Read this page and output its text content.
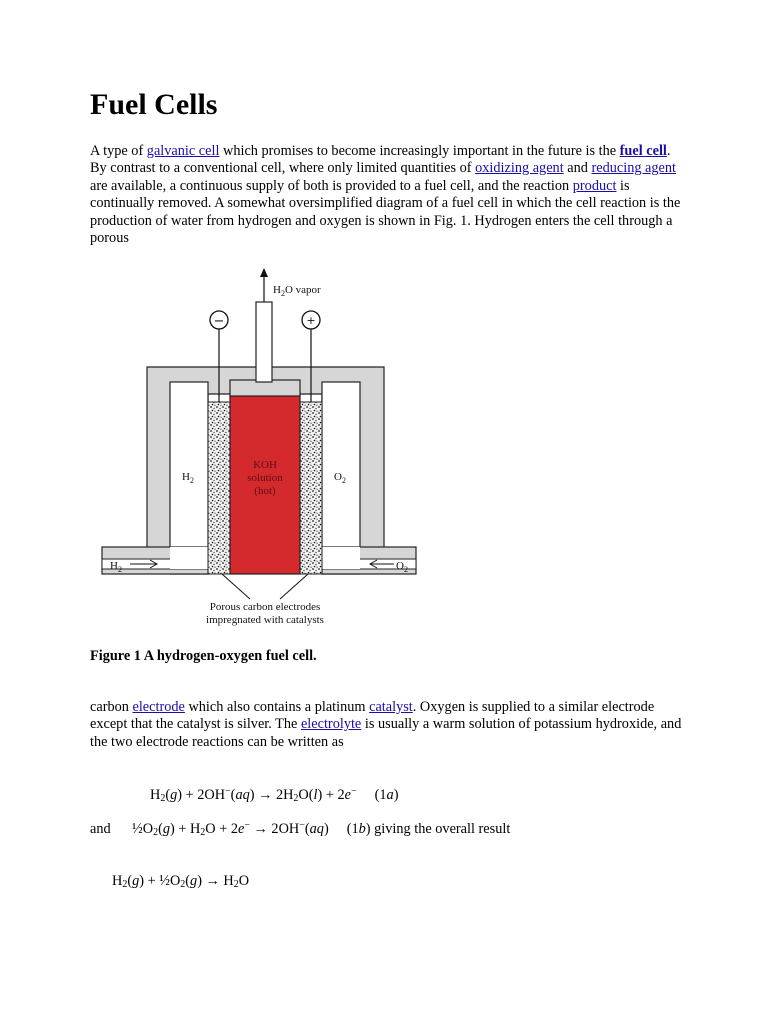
Fuel Cells

A type of galvanic cell which promises to become increasingly important in the future is the fuel cell. By contrast to a conventional cell, where only limited quantities of oxidizing agent and reducing agent are available, a continuous supply of both is provided to a fuel cell, and the reaction product is continually removed. A somewhat oversimplified diagram of a fuel cell in which the cell reaction is the production of water from hydrogen and oxygen is shown in Fig. 1. Hydrogen enters the cell through a porous

−	+
$H_2O$ vapor
$H_2$	$O_2$
KOH
solution
(hot)
$H_2$	$O_2$
Porous carbon electrodes
impregnated with catalysts
Figure 1 A hydrogen-oxygen fuel cell.

carbon electrode which also contains a platinum catalyst. Oxygen is supplied to a similar electrode except that the catalyst is silver. The electrolyte is usually a warm solution of potassium hydroxide, and the two electrode reactions can be written as

$H_2(g) + 2OH^-(aq) \to 2H_2O(l) + 2e^-$ (1a)
and $\frac{1}{2}O_2(g) + H_2O + 2e^- \to 2OH^-(aq)$ (1b) giving the overall result
$H_2(g)$ + $\frac{1}{2}O_2(g) \to H_2O$
